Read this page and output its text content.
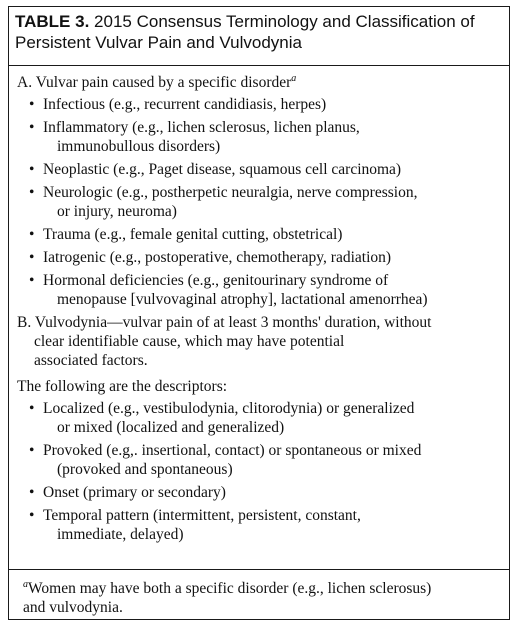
TABLE 3. 2015 Consensus Terminology and Classification of Persistent Vulvar Pain and Vulvodynia
A. Vulvar pain caused by a specific disorder$^a$
• Infectious (e.g., recurrent candidiasis, herpes)
• Inflammatory (e.g., lichen sclerosus, lichen planus,
immunobullous disorders)
• Neoplastic (e.g., Paget disease, squamous cell carcinoma)
• Neurologic (e.g., postherpetic neuralgia, nerve compression,
or injury, neuroma)
• Trauma (e.g., female genital cutting, obstetrical)
• Iatrogenic (e.g., postoperative, chemotherapy, radiation)
• Hormonal deficiencies (e.g., genitourinary syndrome of
menopause [vulvovaginal atrophy], lactational amenorrhea)
B. Vulvodynia—vulvar pain of at least 3 months' duration, without
clear identifiable cause, which may have potential
associated factors.
The following are the descriptors:
• Localized (e.g., vestibulodynia, clitorodynia) or generalized
or mixed (localized and generalized)
• Provoked (e.g,. insertional, contact) or spontaneous or mixed
(provoked and spontaneous)
• Onset (primary or secondary)
• Temporal pattern (intermittent, persistent, constant,
immediate, delayed)
$^a$Women may have both a specific disorder (e.g., lichen sclerosus)
and vulvodynia.
